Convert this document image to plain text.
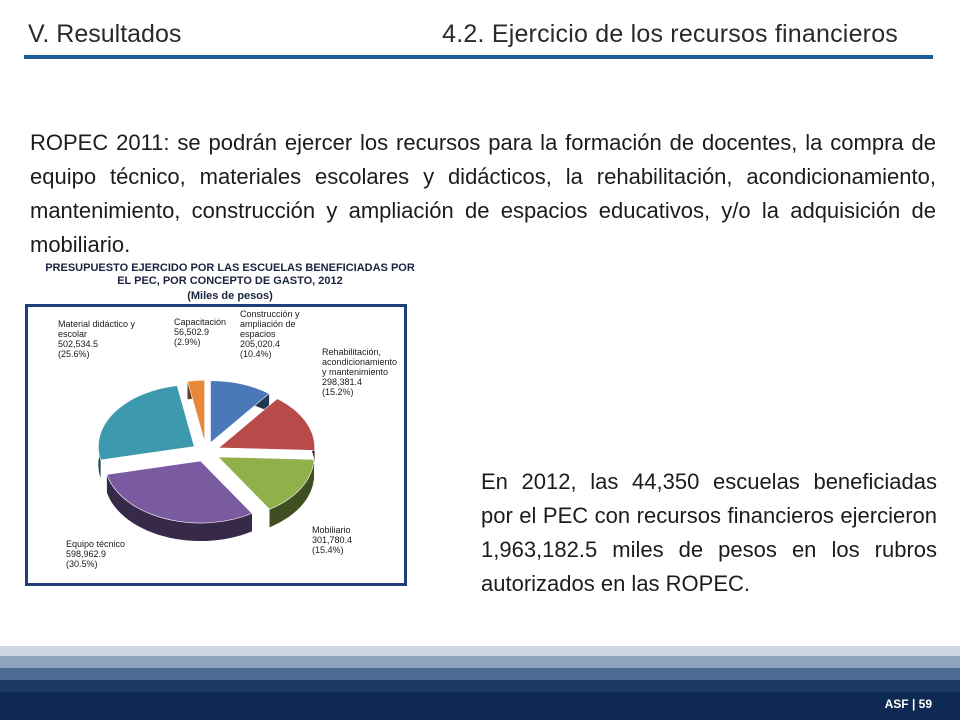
V. Resultados	4.2. Ejercicio de los recursos financieros
ROPEC 2011: se podrán ejercer los recursos para la formación de docentes, la compra de equipo técnico, materiales escolares y didácticos, la rehabilitación, acondicionamiento, mantenimiento, construcción y ampliación de espacios educativos, y/o la adquisición de mobiliario.
PRESUPUESTO EJERCIDO POR LAS ESCUELAS BENEFICIADAS POR EL PEC, POR CONCEPTO DE GASTO, 2012
(Miles de pesos)
Construcción y ampliación de espacios 205,020.4 (10.4%)	Rehabilitación, acondicionamiento y mantenimiento 298,381.4 (15.2%)
Mobiliario 301,780.4 (15.4%)
Equipo técnico 598,962.9 (30.5%)
Material didáctico y escolar 502,534.5 (25.6%)
Capacitación 56,502.9 (2.9%)
En 2012, las 44,350 escuelas beneficiadas por el PEC con recursos financieros ejercieron 1,963,182.5 miles de pesos en los rubros autorizados en las ROPEC.
ASF | 59
